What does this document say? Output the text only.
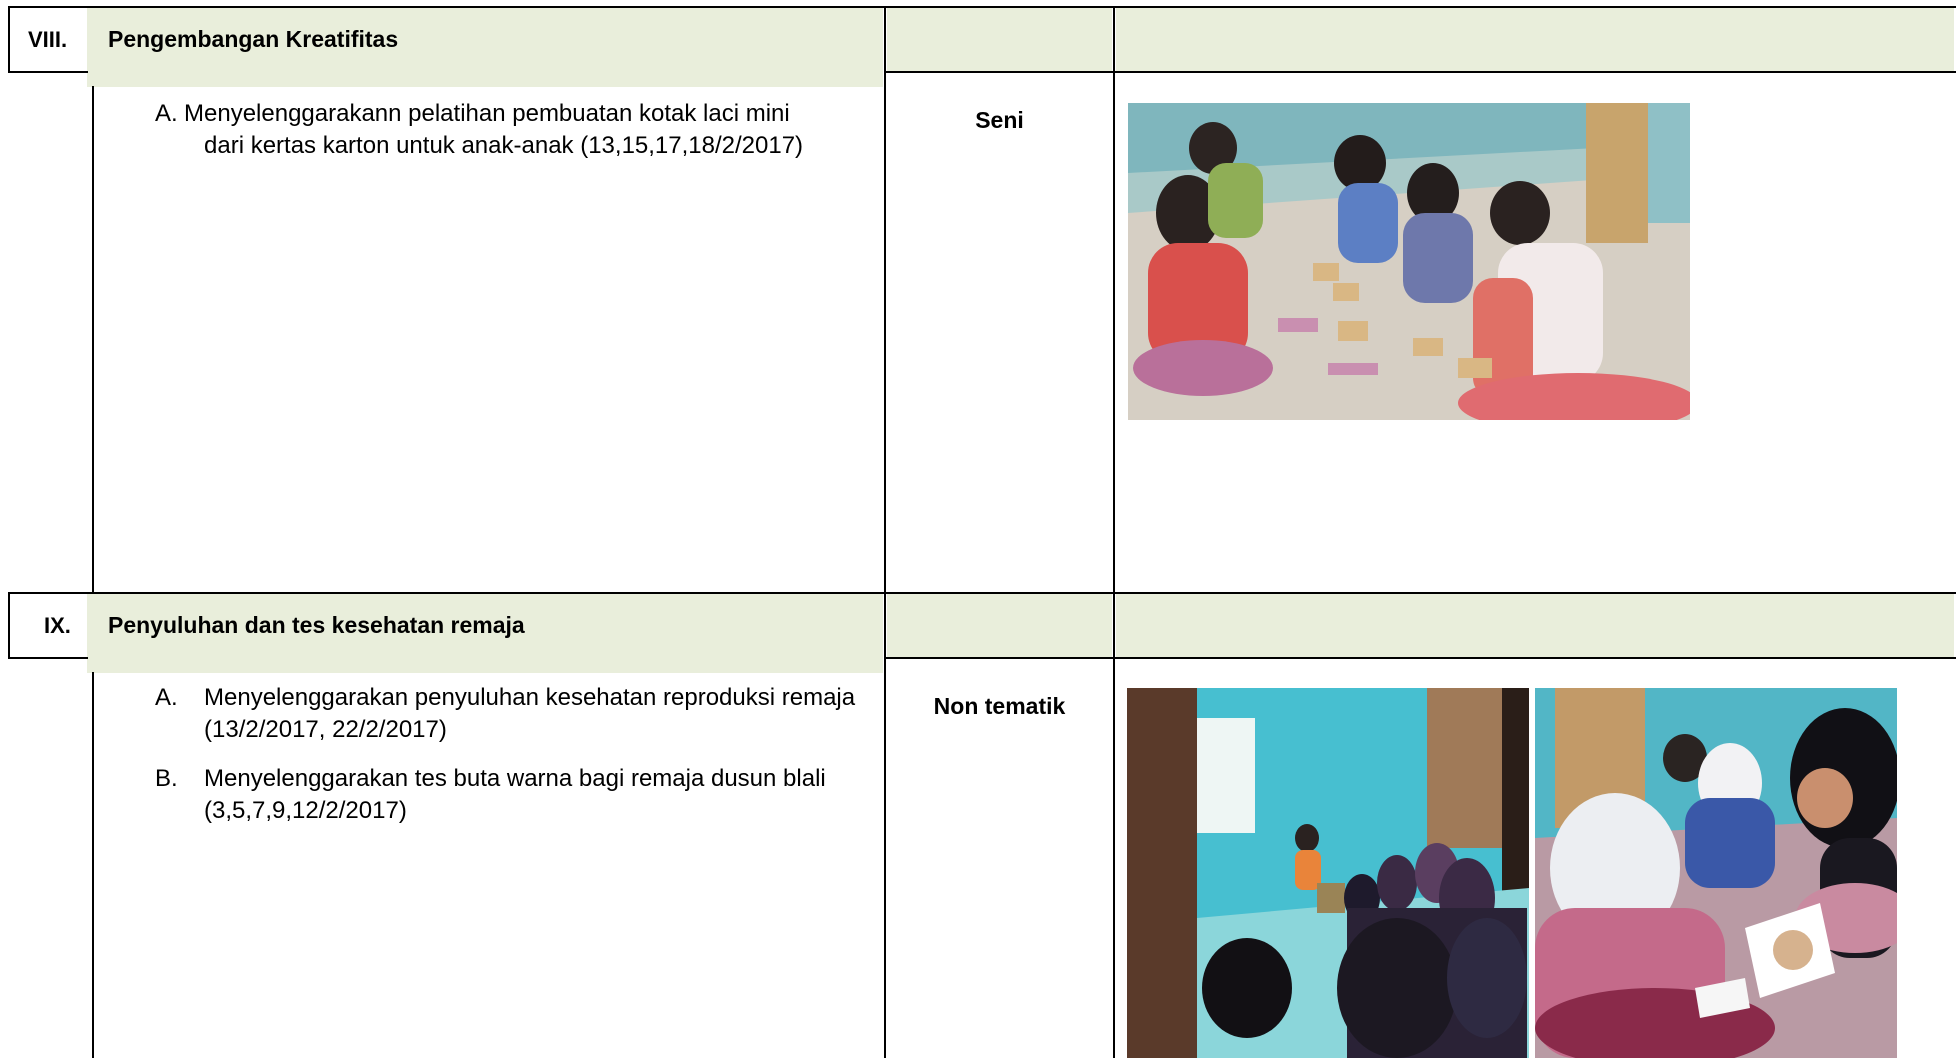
VIII. Pengembangan Kreatifitas
A. Menyelenggarakann pelatihan pembuatan kotak laci mini
dari kertas karton untuk anak-anak (13,15,17,18/2/2017)
Seni
IX. Penyuluhan dan tes kesehatan remaja
A. Menyelenggarakan penyuluhan kesehatan reproduksi remaja
(13/2/2017, 22/2/2017)
B. Menyelenggarakan tes buta warna bagi remaja dusun blali
(3,5,7,9,12/2/2017)
Non tematik
